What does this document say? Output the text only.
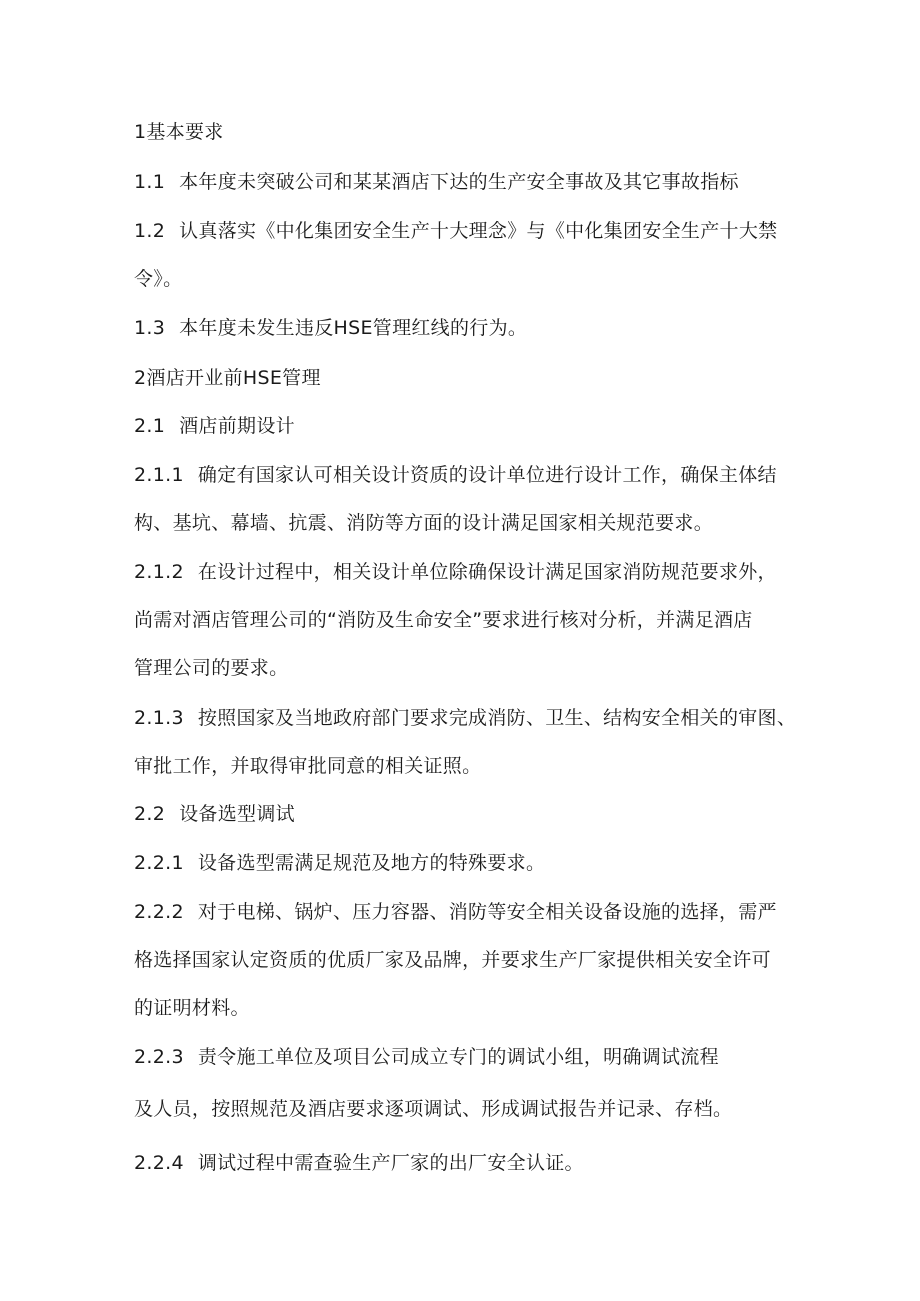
1基本要求
1.1 本年度未突破公司和某某酒店下达的生产安全事故及其它事故指标
1.2 认真落实《中化集团安全生产十大理念》与《中化集团安全生产十大禁
令》。
1.3 本年度未发生违反HSE管理红线的行为。
2酒店开业前HSE管理
2.1 酒店前期设计
2.1.1 确定有国家认可相关设计资质的设计单位进行设计工作，确保主体结
构、基坑、幕墙、抗震、消防等方面的设计满足国家相关规范要求。
2.1.2 在设计过程中，相关设计单位除确保设计满足国家消防规范要求外，
尚需对酒店管理公司的“消防及生命安全”要求进行核对分析，并满足酒店
管理公司的要求。
2.1.3 按照国家及当地政府部门要求完成消防、卫生、结构安全相关的审图、
审批工作，并取得审批同意的相关证照。
2.2 设备选型调试
2.2.1 设备选型需满足规范及地方的特殊要求。
2.2.2 对于电梯、锅炉、压力容器、消防等安全相关设备设施的选择，需严
格选择国家认定资质的优质厂家及品牌，并要求生产厂家提供相关安全许可
的证明材料。
2.2.3 责令施工单位及项目公司成立专门的调试小组，明确调试流程
及人员，按照规范及酒店要求逐项调试、形成调试报告并记录、存档。
2.2.4 调试过程中需查验生产厂家的出厂安全认证。
